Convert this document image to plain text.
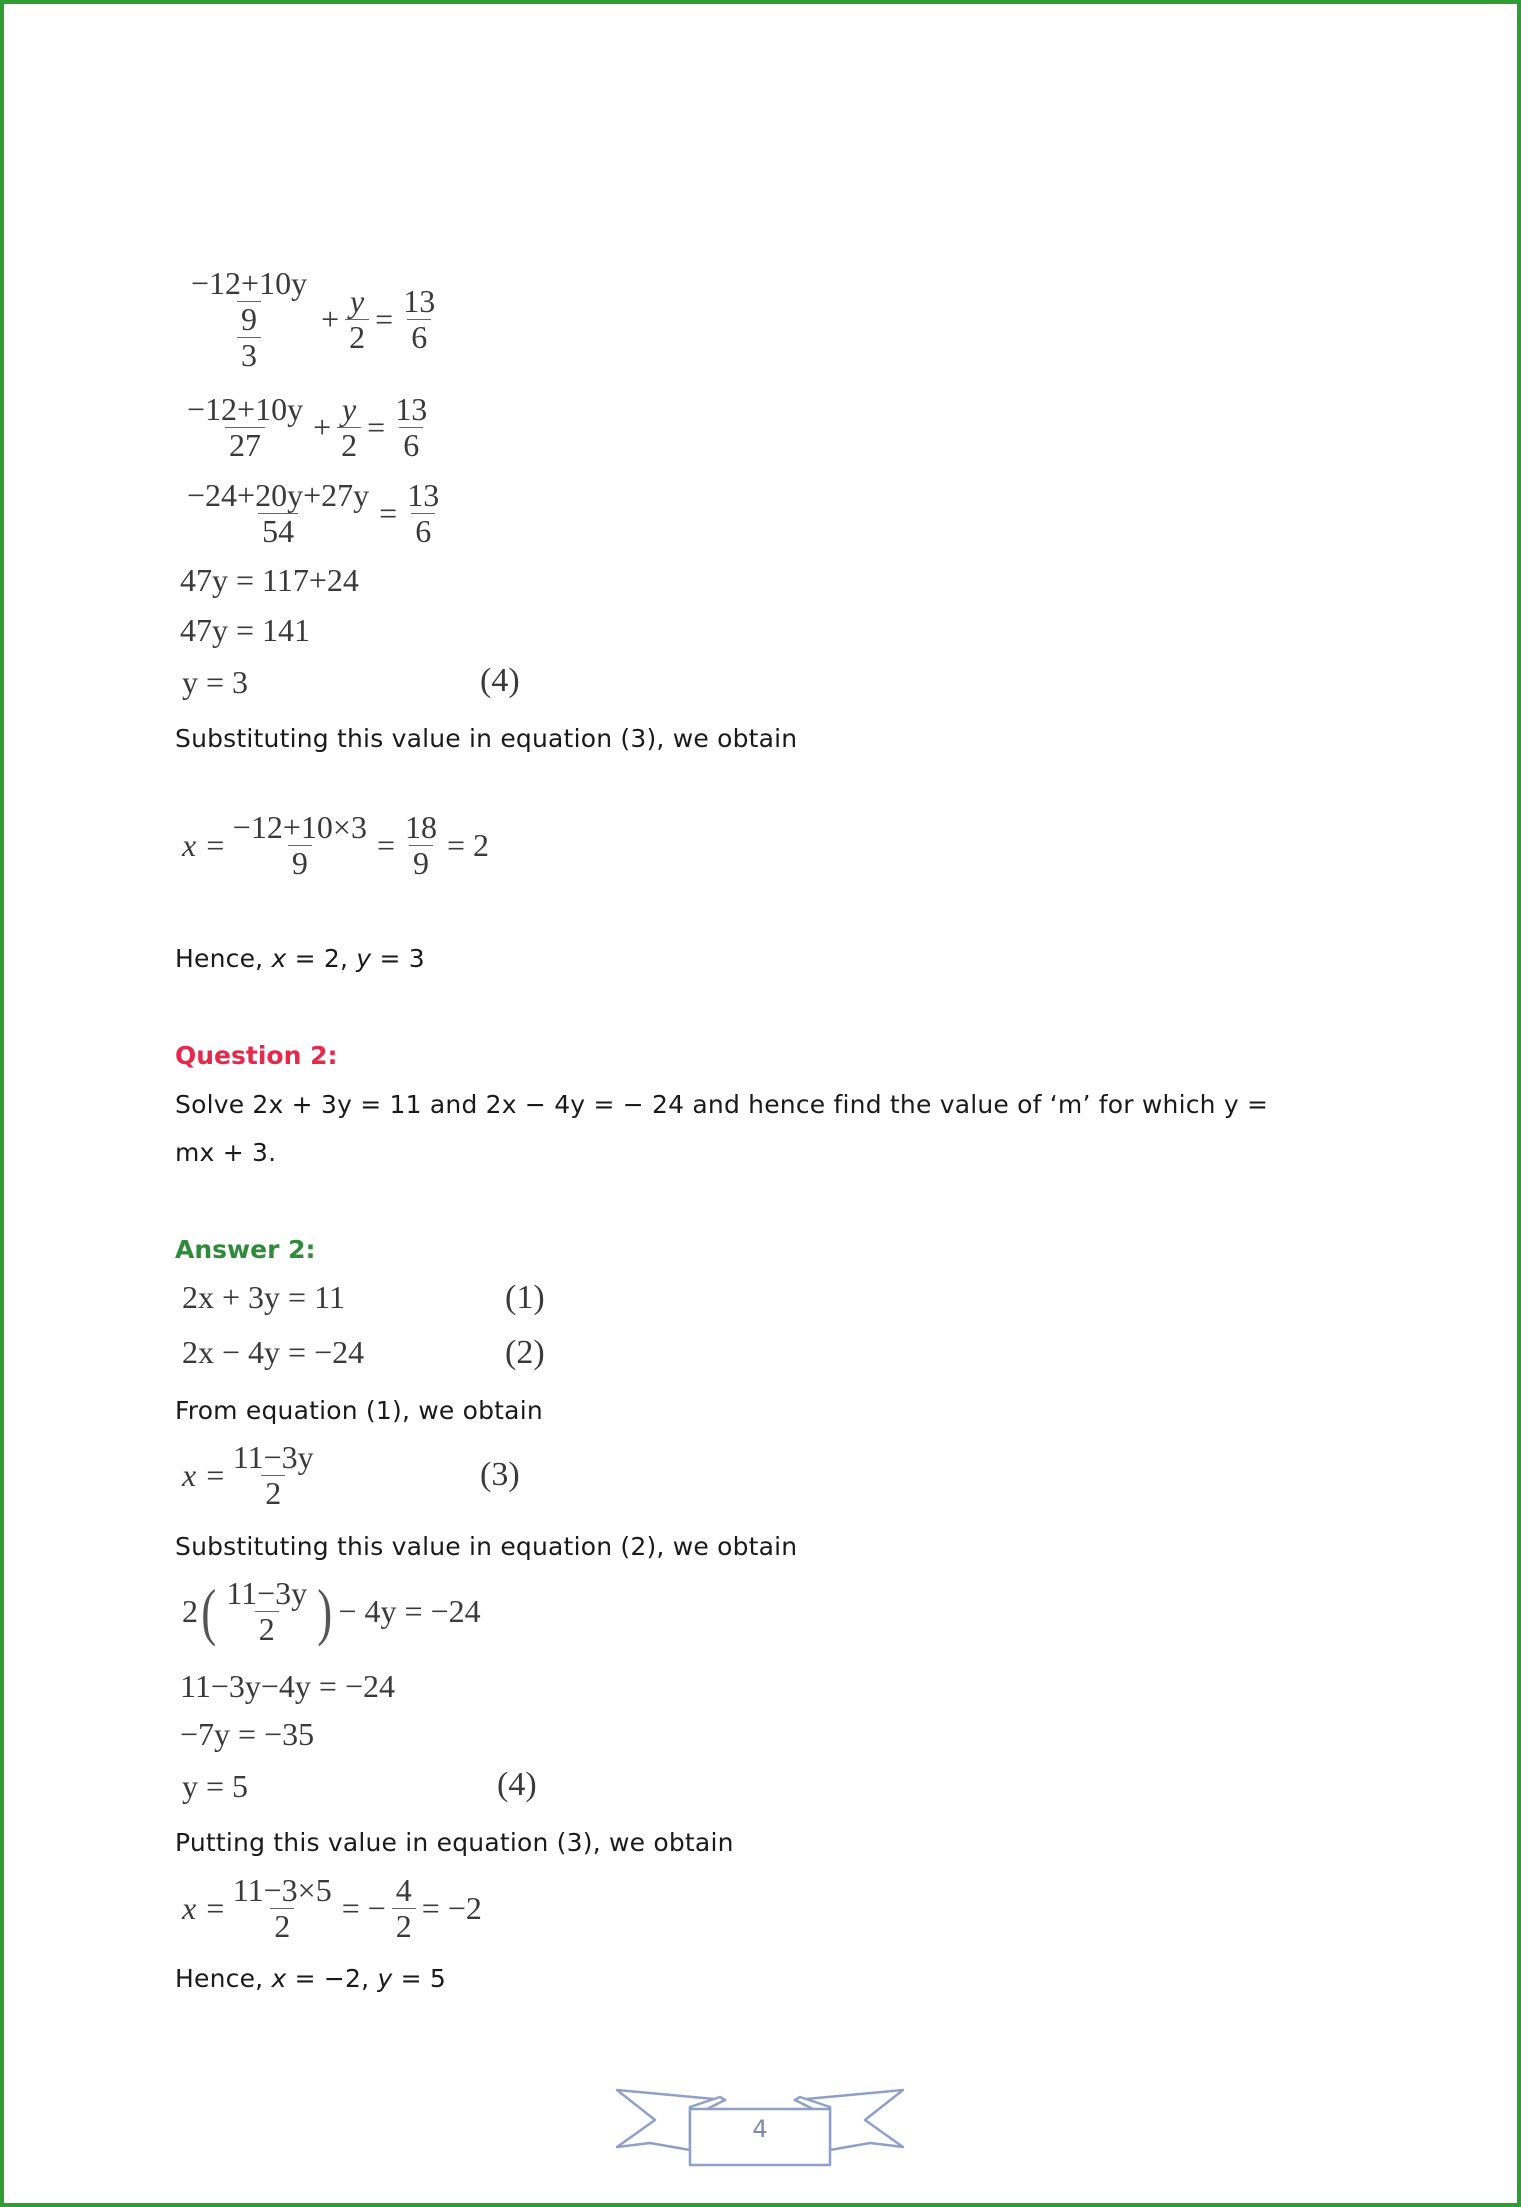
$\frac{\frac{-12+10y}{9}}{3} + \frac{y}{2} = \frac{13}{6}$
$\frac{-12+10y}{27} + \frac{y}{2} = \frac{13}{6}$
$\frac{-24+20y+27y}{54} = \frac{13}{6}$
47y = 117+24
47y = 141
y = 3	(4)
Substituting this value in equation (3), we obtain
$x = \frac{-12+10\times 3}{9} = \frac{18}{9} = 2$
Hence, x = 2, y = 3
Question 2:
Solve 2x + 3y = 11 and 2x − 4y = − 24 and hence find the value of ‘m’ for which y =
mx + 3.
Answer 2:
2x + 3y = 11	(1)
2x − 4y = −24	(2)
From equation (1), we obtain
$x = \frac{11-3y}{2}$	(3)
Substituting this value in equation (2), we obtain
2 ( $\frac{11-3y}{2}$ ) − 4y = −24
11−3y−4y = −24
−7y = −35
y = 5	(4)
Putting this value in equation (3), we obtain
$x = \frac{11-3\times 5}{2}$ = − $\frac{4}{2} = -2$
Hence, x = −2, y = 5
4
